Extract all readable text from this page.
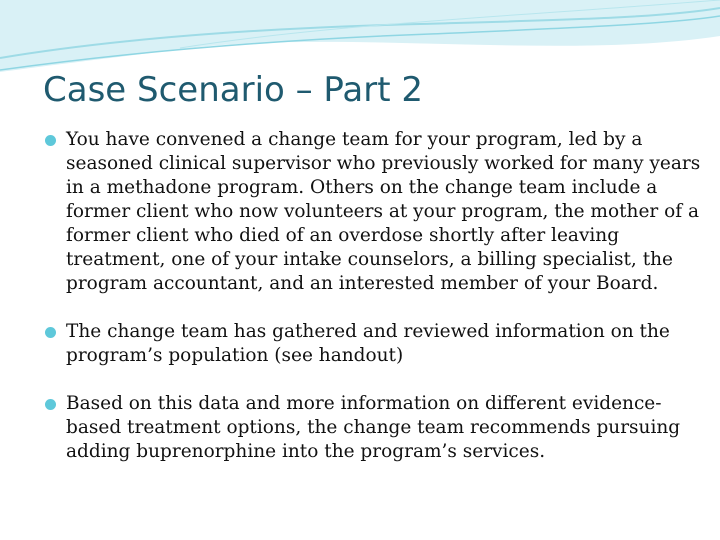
Case Scenario – Part 2
You have convened a change team for your program, led by a seasoned clinical supervisor who previously worked for many years in a methadone program. Others on the change team include a former client who now volunteers at your program, the mother of a former client who died of an overdose shortly after leaving treatment, one of your intake counselors, a billing specialist, the program accountant, and an interested member of your Board.
The change team has gathered and reviewed information on the program’s population (see handout)
Based on this data and more information on different evidence-based treatment options, the change team recommends pursuing adding buprenorphine into the program’s services.
